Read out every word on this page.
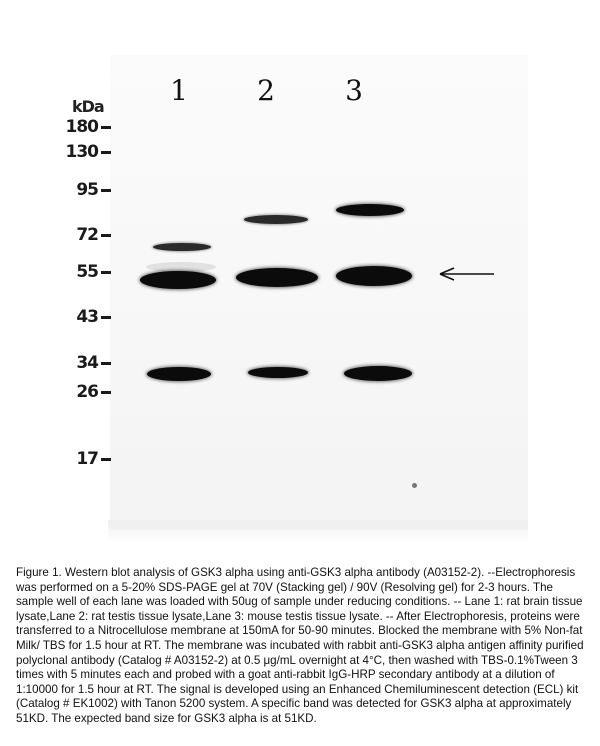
kDa
180
130
95
72
55
43
34
26
17
1 2	3
Figure 1. Western blot analysis of GSK3 alpha using anti-GSK3 alpha antibody (A03152-2). --Electrophoresis was performed on a 5-20% SDS-PAGE gel at 70V (Stacking gel) / 90V (Resolving gel) for 2-3 hours. The sample well of each lane was loaded with 50ug of sample under reducing conditions. -- Lane 1: rat brain tissue lysate,Lane 2: rat testis tissue lysate,Lane 3: mouse testis tissue lysate. -- After Electrophoresis, proteins were transferred to a Nitrocellulose membrane at 150mA for 50-90 minutes. Blocked the membrane with 5% Non-fat Milk/ TBS for 1.5 hour at RT. The membrane was incubated with rabbit anti-GSK3 alpha antigen affinity purified polyclonal antibody (Catalog # A03152-2) at 0.5 μg/mL overnight at 4°C, then washed with TBS-0.1%Tween 3 times with 5 minutes each and probed with a goat anti-rabbit IgG-HRP secondary antibody at a dilution of 1:10000 for 1.5 hour at RT. The signal is developed using an Enhanced Chemiluminescent detection (ECL) kit (Catalog # EK1002) with Tanon 5200 system. A specific band was detected for GSK3 alpha at approximately 51KD. The expected band size for GSK3 alpha is at 51KD.
